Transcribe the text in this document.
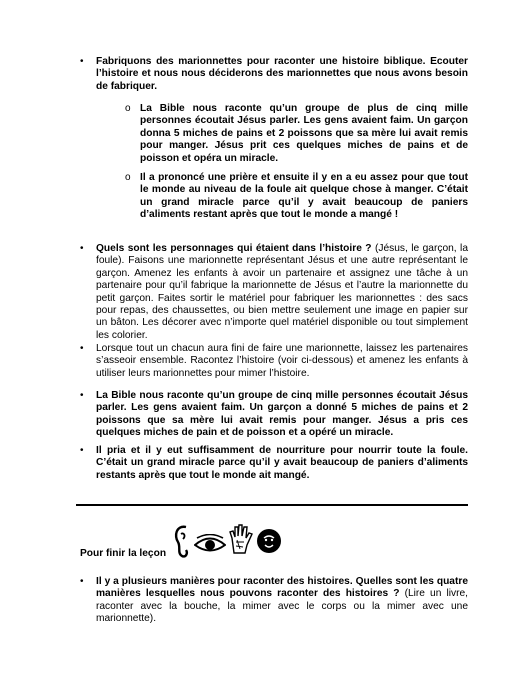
• Fabriquons des marionnettes pour raconter une histoire biblique. Ecouter l’histoire et nous nous déciderons des marionnettes que nous avons besoin de fabriquer.
o La Bible nous raconte qu’un groupe de plus de cinq mille personnes écoutait Jésus parler. Les gens avaient faim. Un garçon donna 5 miches de pains et 2 poissons que sa mère lui avait remis pour manger. Jésus prit ces quelques miches de pains et de poisson et opéra un miracle.
o Il a prononcé une prière et ensuite il y en a eu assez pour que tout le monde au niveau de la foule ait quelque chose à manger. C’était un grand miracle parce qu’il y avait beaucoup de paniers d’aliments restant après que tout le monde a mangé !
• Quels sont les personnages qui étaient dans l’histoire ? (Jésus, le garçon, la foule). Faisons une marionnette représentant Jésus et une autre représentant le garçon. Amenez les enfants à avoir un partenaire et assignez une tâche à un partenaire pour qu’il fabrique la marionnette de Jésus et l’autre la marionnette du petit garçon. Faites sortir le matériel pour fabriquer les marionnettes : des sacs pour repas, des chaussettes, ou bien mettre seulement une image en papier sur un bâton. Les décorer avec n’importe quel matériel disponible ou tout simplement les colorier.
• Lorsque tout un chacun aura fini de faire une marionnette, laissez les partenaires s’asseoir ensemble. Racontez l’histoire (voir ci-dessous) et amenez les enfants à utiliser leurs marionnettes pour mimer l’histoire.
• La Bible nous raconte qu’un groupe de cinq mille personnes écoutait Jésus parler. Les gens avaient faim. Un garçon a donné 5 miches de pains et 2 poissons que sa mère lui avait remis pour manger. Jésus a pris ces quelques miches de pain et de poisson et a opéré un miracle.
• Il pria et il y eut suffisamment de nourriture pour nourrir toute la foule. C’était un grand miracle parce qu’il y avait beaucoup de paniers d’aliments restants après que tout le monde ait mangé.
Pour finir la leçon
• Il y a plusieurs manières pour raconter des histoires. Quelles sont les quatre manières lesquelles nous pouvons raconter des histoires ? (Lire un livre, raconter avec la bouche, la mimer avec le corps ou la mimer avec une marionnette).
